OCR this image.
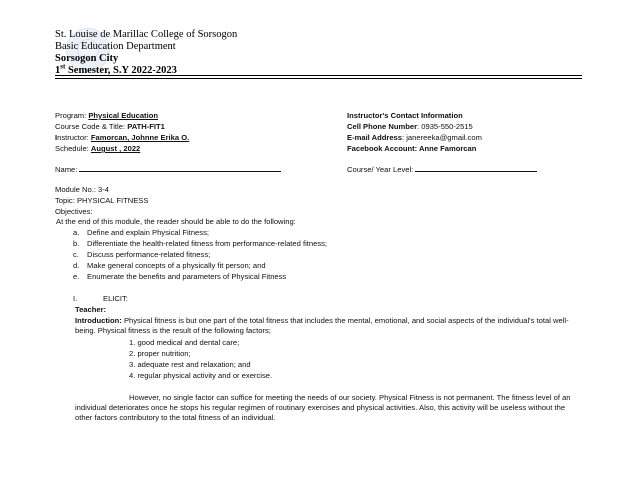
St. Louise de Marillac College of Sorsogon
Basic Education Department
Sorsogon City
1st Semester, S.Y 2022-2023
Program: Physical Education
Course Code & Title: PATH-FIT1
Instructor: Famorcan, Johnne Erika O.
Schedule: August , 2022
Instructor's Contact Information
Cell Phone Number: 0935-550-2515
E-mail Address: janereeka@gmail.com
Facebook Account: Anne Famorcan
Name:	Course/ Year Level:
Module No.: 3-4
Topic: PHYSICAL FITNESS
Objectives:
At the end of this module, the reader should be able to do the following:
a. Define and explain Physical Fitness;
b. Differentiate the health-related fitness from performance-related fitness;
c. Discuss performance-related fitness;
d. Make general concepts of a physically fit person; and
e. Enumerate the benefits and parameters of Physical Fitness
I.	ELICIT:
Teacher:
Introduction: Physical fitness is but one part of the total fitness that includes the mental, emotional, and social aspects of the individual's total well-being. Physical fitness is the result of the following factors;
1. good medical and dental care;
2. proper nutrition;
3. adequate rest and relaxation; and
4. regular physical activity and or exercise.
However, no single factor can suffice for meeting the needs of our society. Physical Fitness is not permanent. The fitness level of an individual deteriorates once he stops his regular regimen of routinary exercises and physical activities. Also, this activity will be useless without the other factors contributory to the total fitness of an individual.
